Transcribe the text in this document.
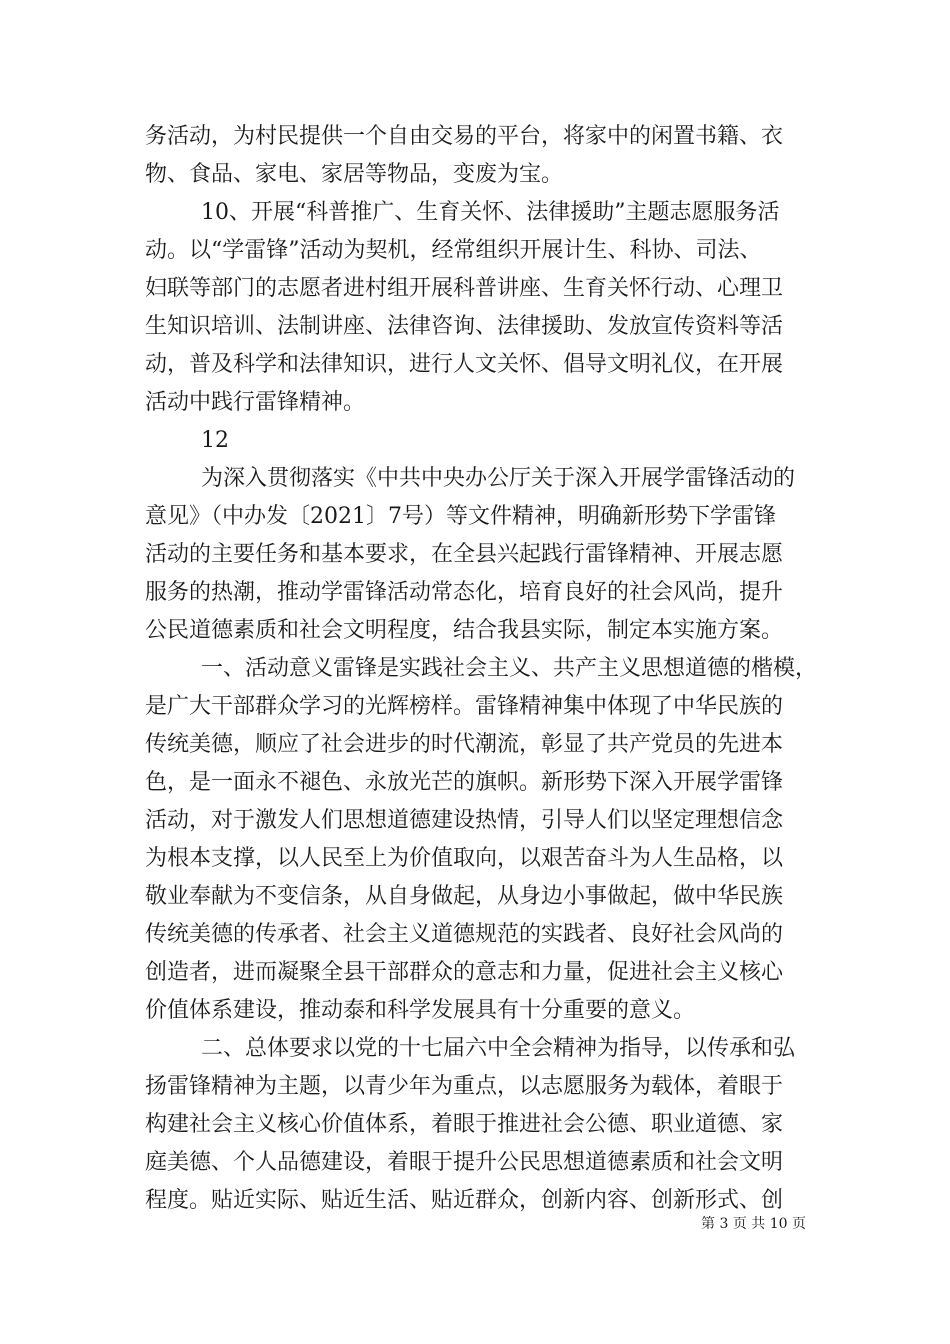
务活动，为村民提供一个自由交易的平台，将家中的闲置书籍、衣
物、食品、家电、家居等物品，变废为宝。
10、开展“科普推广、生育关怀、法律援助”主题志愿服务活
动。以“学雷锋”活动为契机，经常组织开展计生、科协、司法、
妇联等部门的志愿者进村组开展科普讲座、生育关怀行动、心理卫
生知识培训、法制讲座、法律咨询、法律援助、发放宣传资料等活
动，普及科学和法律知识，进行人文关怀、倡导文明礼仪，在开展
活动中践行雷锋精神。
12
为深入贯彻落实《中共中央办公厅关于深入开展学雷锋活动的
意见》（中办发〔2021〕7号）等文件精神，明确新形势下学雷锋
活动的主要任务和基本要求，在全县兴起践行雷锋精神、开展志愿
服务的热潮，推动学雷锋活动常态化，培育良好的社会风尚，提升
公民道德素质和社会文明程度，结合我县实际，制定本实施方案。
一、活动意义雷锋是实践社会主义、共产主义思想道德的楷模，
是广大干部群众学习的光辉榜样。雷锋精神集中体现了中华民族的
传统美德，顺应了社会进步的时代潮流，彰显了共产党员的先进本
色，是一面永不褪色、永放光芒的旗帜。新形势下深入开展学雷锋
活动，对于激发人们思想道德建设热情，引导人们以坚定理想信念
为根本支撑，以人民至上为价值取向，以艰苦奋斗为人生品格，以
敬业奉献为不变信条，从自身做起，从身边小事做起，做中华民族
传统美德的传承者、社会主义道德规范的实践者、良好社会风尚的
创造者，进而凝聚全县干部群众的意志和力量，促进社会主义核心
价值体系建设，推动泰和科学发展具有十分重要的意义。
二、总体要求以党的十七届六中全会精神为指导，以传承和弘
扬雷锋精神为主题，以青少年为重点，以志愿服务为载体，着眼于
构建社会主义核心价值体系，着眼于推进社会公德、职业道德、家
庭美德、个人品德建设，着眼于提升公民思想道德素质和社会文明
程度。贴近实际、贴近生活、贴近群众，创新内容、创新形式、创
第 3 页 共 10 页
